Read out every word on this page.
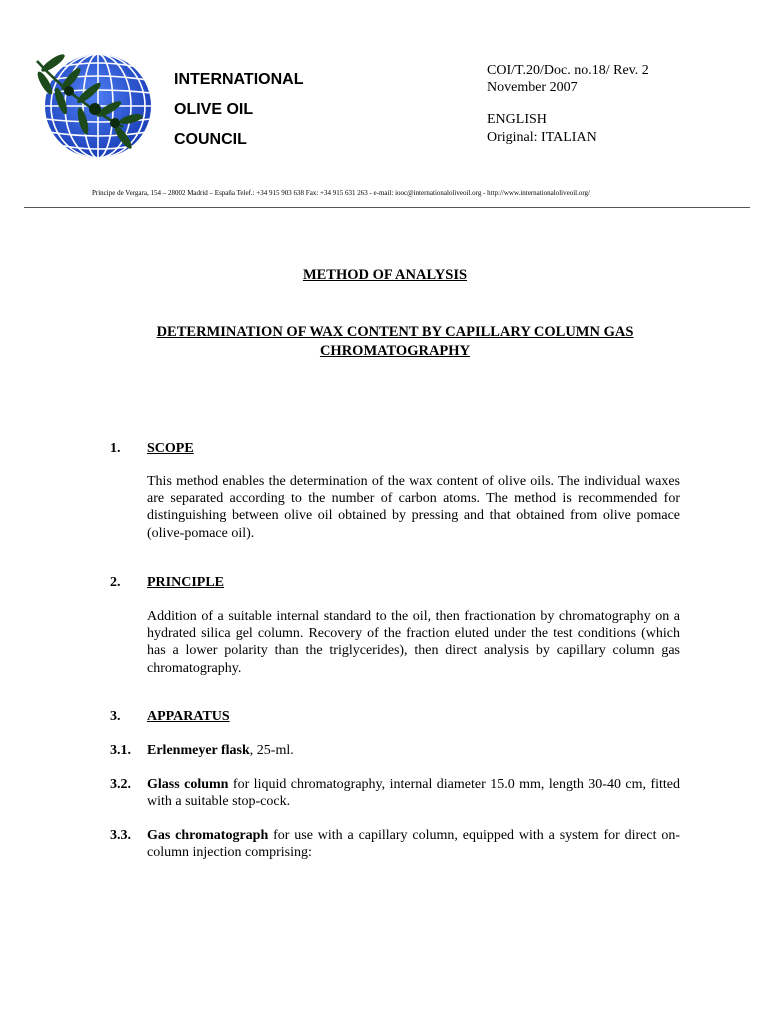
INTERNATIONAL
OLIVE OIL
COUNCIL
COI/T.20/Doc. no.18/ Rev. 2
November 2007
ENGLISH
Original: ITALIAN
Príncipe de Vergara, 154 – 28002 Madrid – España Telef.: +34 915 903 638 Fax: +34 915 631 263 - e-mail: iooc@internationaloliveoil.org - http://www.internationaloliveoil.org/
METHOD OF ANALYSIS
DETERMINATION OF WAX CONTENT BY CAPILLARY COLUMN GAS CHROMATOGRAPHY
1. SCOPE
This method enables the determination of the wax content of olive oils. The individual waxes are separated according to the number of carbon atoms. The method is recommended for distinguishing between olive oil obtained by pressing and that obtained from olive pomace (olive-pomace oil).
2. PRINCIPLE
Addition of a suitable internal standard to the oil, then fractionation by chromatography on a hydrated silica gel column. Recovery of the fraction eluted under the test conditions (which has a lower polarity than the triglycerides), then direct analysis by capillary column gas chromatography.
3. APPARATUS
3.1. Erlenmeyer flask, 25-ml.
3.2. Glass column for liquid chromatography, internal diameter 15.0 mm, length 30-40 cm, fitted with a suitable stop-cock.
3.3. Gas chromatograph for use with a capillary column, equipped with a system for direct on-column injection comprising:
